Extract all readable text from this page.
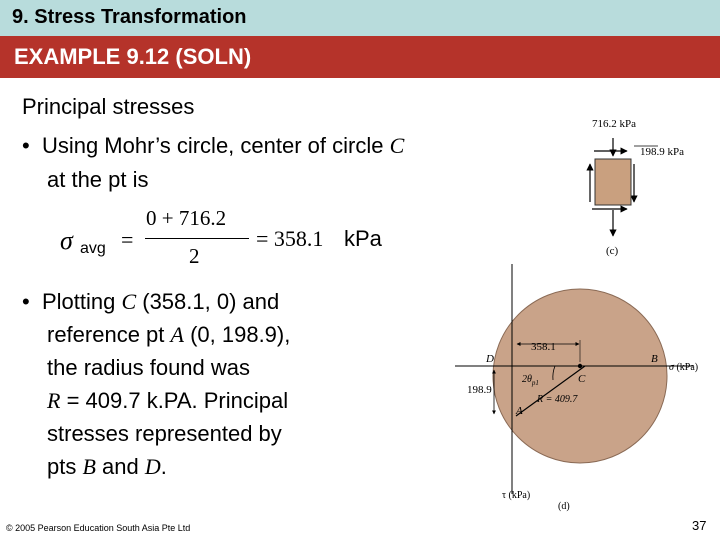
9. Stress Transformation
EXAMPLE 9.12 (SOLN)
Principal stresses
•  Using Mohr’s circle, center of circle C
at the pt is
σ avg =
0 + 716.2
2
= 358.1 kPa
•  Plotting C (358.1, 0) and
reference pt A (0, 198.9),
the radius found was
R = 409.7 k.PA. Principal
stresses represented by
pts B and D.
716.2 kPa
198.9 kPa
(c)
D	B
C
A
358.1
198.9
$2\theta_{p1}$
R = 409.7
σ (kPa)
τ (kPa)
(d)
© 2005 Pearson Education South Asia Pte Ltd	37
